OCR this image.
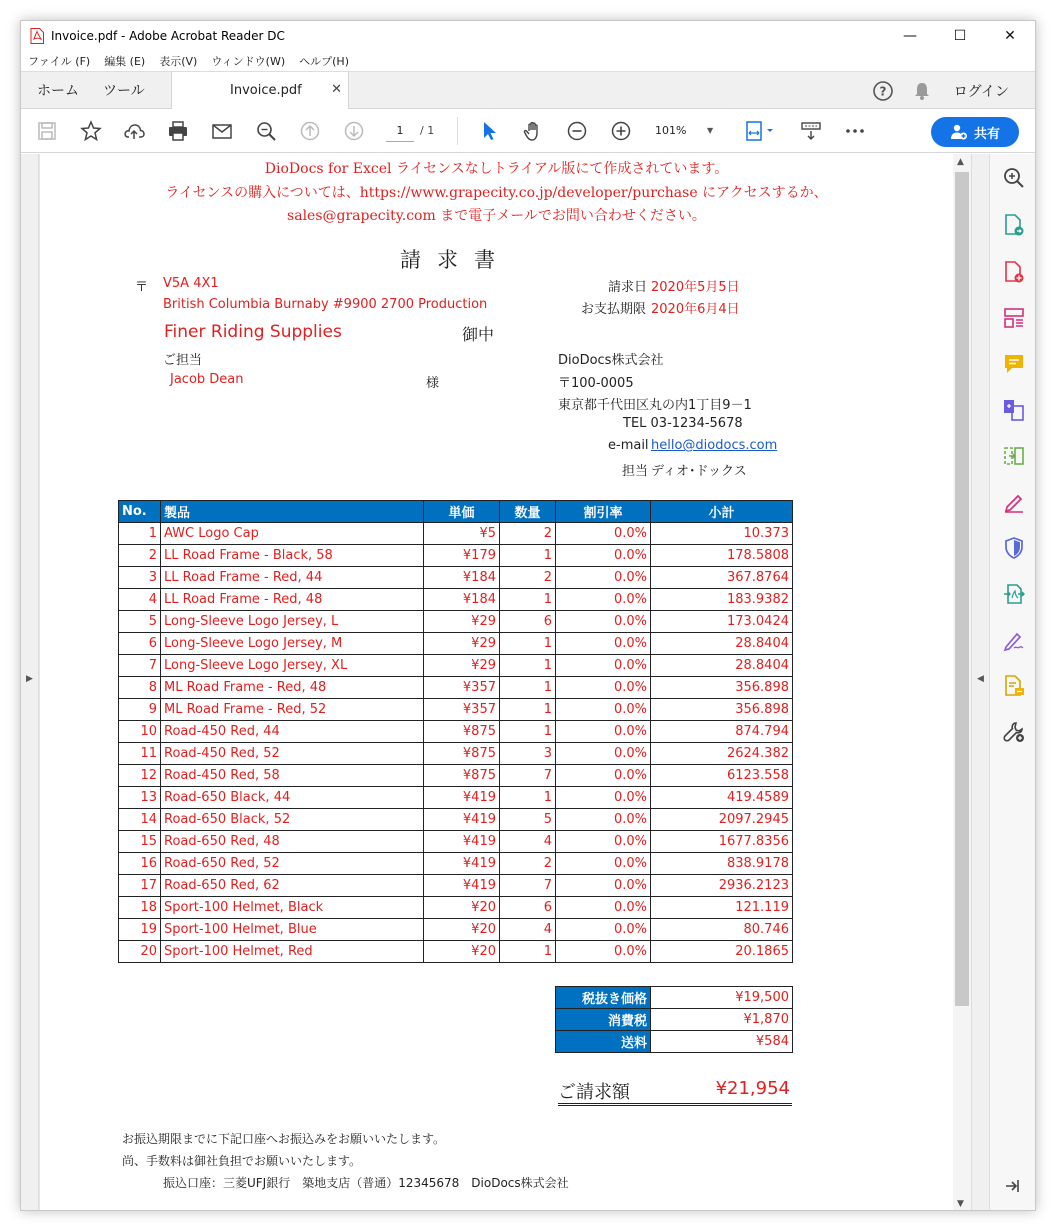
Invoice.pdf - Adobe Acrobat Reader DC	—	☐	✕
ファイル (F) 編集 (E) 表示(V) ウィンドウ(W) ヘルプ(H)
ホーム ツール	Invoice.pdf ✕	?	ログイン
1	/ 1	101%	▼	共有
▶
DioDocs for Excel ライセンスなしトライアル版にて作成されています。
ライセンスの購入については、https://www.grapecity.co.jp/developer/purchase にアクセスするか、
sales@grapecity.com まで電子メールでお問い合わせください。
請求書
〒 V5A 4X1
British Columbia Burnaby #9900 2700 Production
Finer Riding Supplies	御中
ご担当
Jacob Dean	様
請求日 2020年5月5日
お支払期限 2020年6月4日
DioDocs株式会社
〒100-0005
東京都千代田区丸の内1丁目9－1
TEL 03-1234-5678
e-mail hello@diodocs.com
担当 ディオ･ドックス
No.	製品	単価	数量	割引率	小計
1	AWC Logo Cap	¥5	2	0.0%	10.373
2	LL Road Frame - Black, 58	¥179	1	0.0%	178.5808
3	LL Road Frame - Red, 44	¥184	2	0.0%	367.8764
4	LL Road Frame - Red, 48	¥184	1	0.0%	183.9382
5	Long-Sleeve Logo Jersey, L	¥29	6	0.0%	173.0424
6	Long-Sleeve Logo Jersey, M	¥29	1	0.0%	28.8404
7	Long-Sleeve Logo Jersey, XL	¥29	1	0.0%	28.8404
8	ML Road Frame - Red, 48	¥357	1	0.0%	356.898
9	ML Road Frame - Red, 52	¥357	1	0.0%	356.898
10	Road-450 Red, 44	¥875	1	0.0%	874.794
11	Road-450 Red, 52	¥875	3	0.0%	2624.382
12	Road-450 Red, 58	¥875	7	0.0%	6123.558
13	Road-650 Black, 44	¥419	1	0.0%	419.4589
14	Road-650 Black, 52	¥419	5	0.0%	2097.2945
15	Road-650 Red, 48	¥419	4	0.0%	1677.8356
16	Road-650 Red, 52	¥419	2	0.0%	838.9178
17	Road-650 Red, 62	¥419	7	0.0%	2936.2123
18	Sport-100 Helmet, Black	¥20	6	0.0%	121.119
19	Sport-100 Helmet, Blue	¥20	4	0.0%	80.746
20	Sport-100 Helmet, Red	¥20	1	0.0%	20.1865
税抜き価格	¥19,500
消費税	¥1,870
送料	¥584
ご請求額	¥21,954
お振込期限までに下記口座へお振込みをお願いいたします。
尚、手数料は御社負担でお願いいたします。
振込口座：三菱UFJ銀行　築地支店（普通）12345678　DioDocs株式会社
▲
▼
◀
